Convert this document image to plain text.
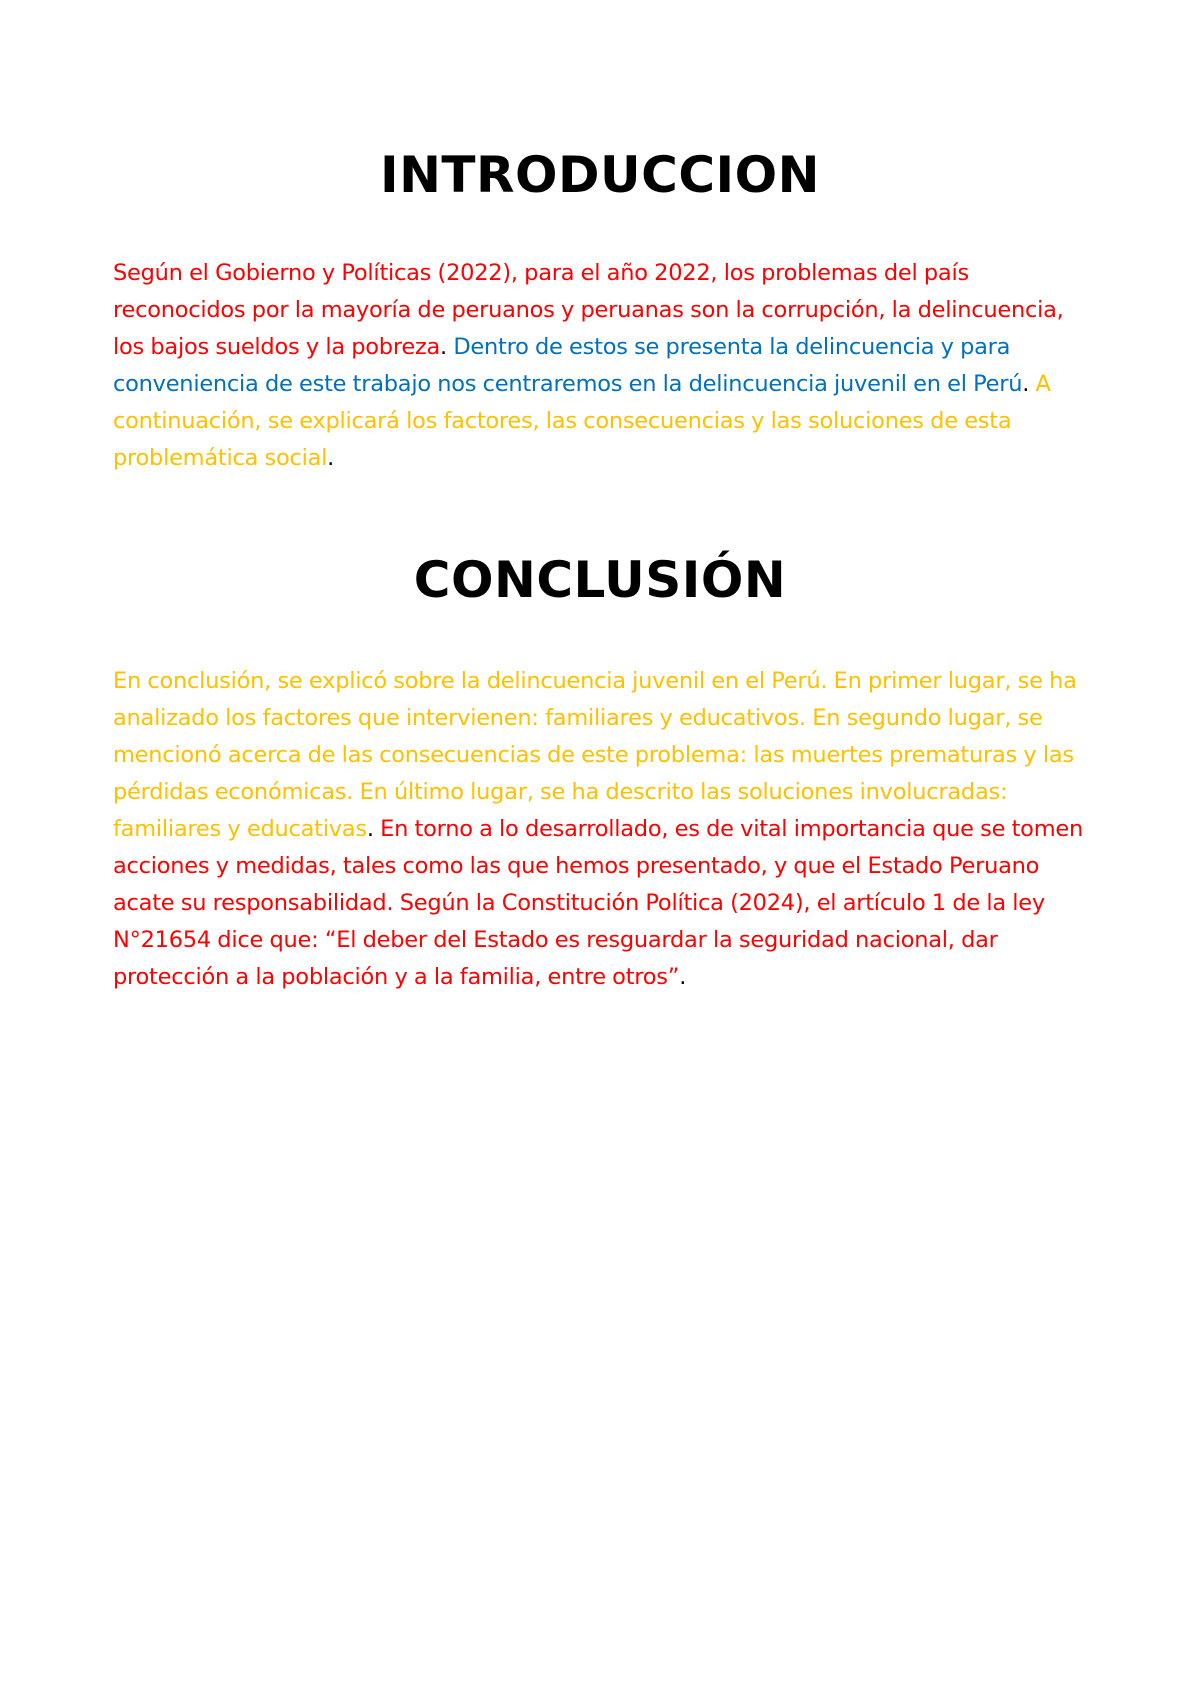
INTRODUCCION

Según el Gobierno y Políticas (2022), para el año 2022, los problemas del país reconocidos por la mayoría de peruanos y peruanas son la corrupción, la delincuencia, los bajos sueldos y la pobreza. Dentro de estos se presenta la delincuencia y para conveniencia de este trabajo nos centraremos en la delincuencia juvenil en el Perú. A continuación, se explicará los factores, las consecuencias y las soluciones de esta problemática social.

CONCLUSIÓN

En conclusión, se explicó sobre la delincuencia juvenil en el Perú. En primer lugar, se ha analizado los factores que intervienen: familiares y educativos. En segundo lugar, se mencionó acerca de las consecuencias de este problema: las muertes prematuras y las pérdidas económicas. En último lugar, se ha descrito las soluciones involucradas: familiares y educativas. En torno a lo desarrollado, es de vital importancia que se tomen acciones y medidas, tales como las que hemos presentado, y que el Estado Peruano acate su responsabilidad. Según la Constitución Política (2024), el artículo 1 de la ley N°21654 dice que: “El deber del Estado es resguardar la seguridad nacional, dar protección a la población y a la familia, entre otros”.
